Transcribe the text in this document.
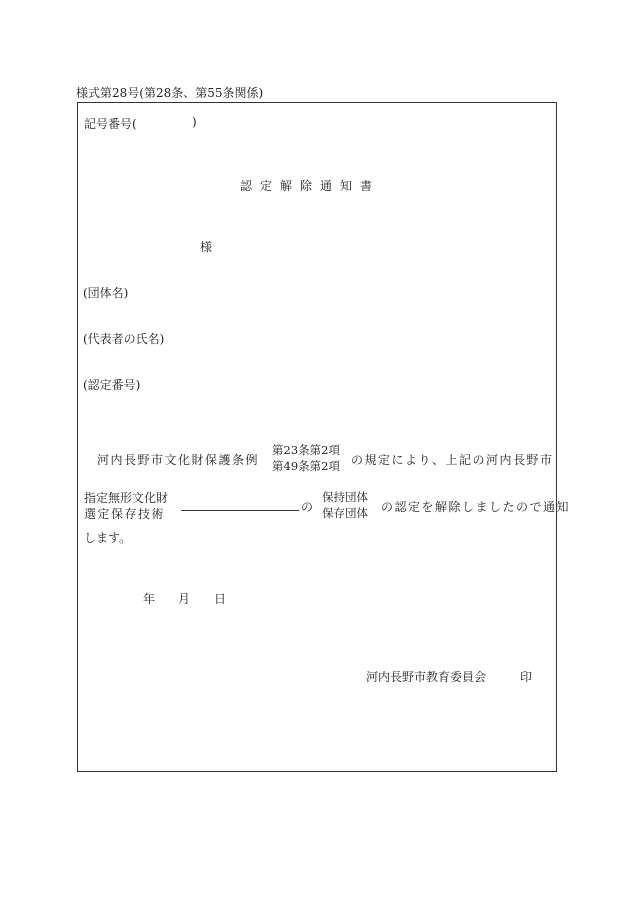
様式第28号(第28条、第55条関係)
記号番号(	)
認定解除通知書
様
(団体名)
(代表者の氏名)
(認定番号)
河内長野市文化財保護条例
第23条第2項
第49条第2項 の規定により、上記の河内長野市
指定無形文化財
選定保存技術	の
保持団体
保存団体 の認定を解除しましたので通知
します。
年 月 日
河内長野市教育委員会	印
